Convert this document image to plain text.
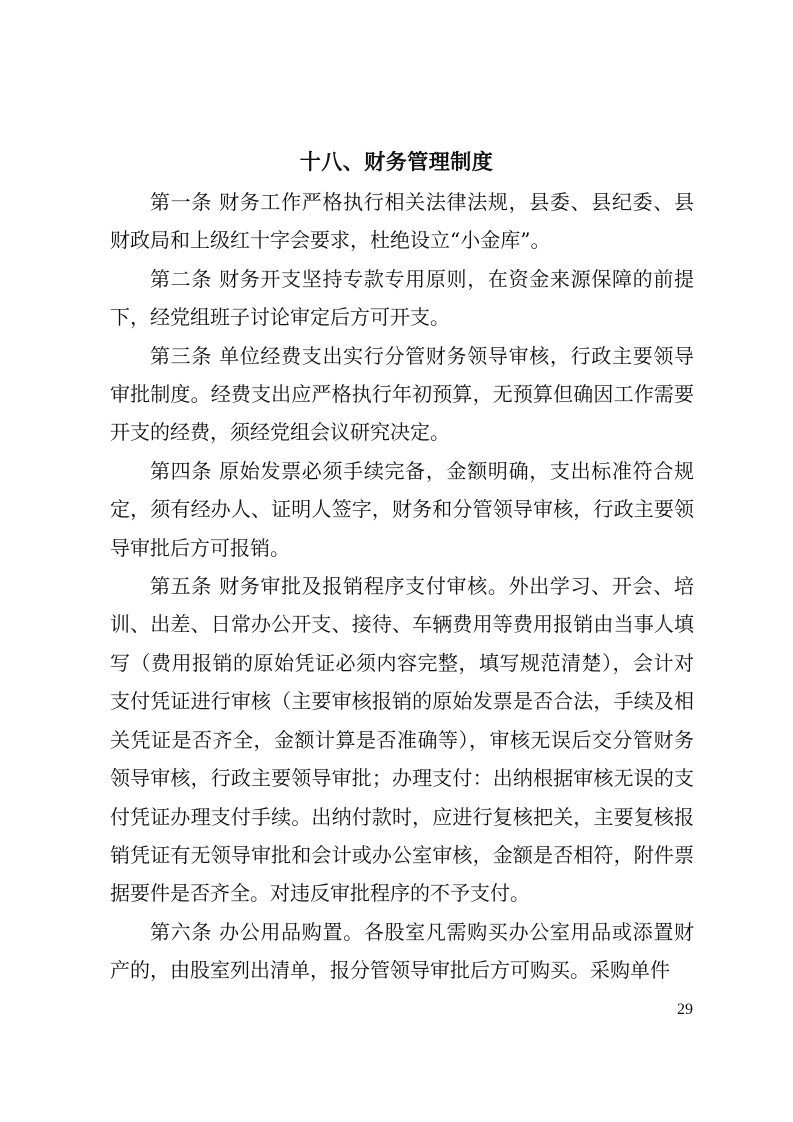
十八、财务管理制度

第一条 财务工作严格执行相关法律法规，县委、县纪委、县财政局和上级红十字会要求，杜绝设立“小金库”。

第二条 财务开支坚持专款专用原则，在资金来源保障的前提下，经党组班子讨论审定后方可开支。

第三条 单位经费支出实行分管财务领导审核，行政主要领导审批制度。经费支出应严格执行年初预算，无预算但确因工作需要开支的经费，须经党组会议研究决定。

第四条 原始发票必须手续完备，金额明确，支出标准符合规定，须有经办人、证明人签字，财务和分管领导审核，行政主要领导审批后方可报销。

第五条 财务审批及报销程序支付审核。外出学习、开会、培训、出差、日常办公开支、接待、车辆费用等费用报销由当事人填写（费用报销的原始凭证必须内容完整，填写规范清楚），会计对支付凭证进行审核（主要审核报销的原始发票是否合法，手续及相关凭证是否齐全，金额计算是否准确等），审核无误后交分管财务领导审核，行政主要领导审批；办理支付：出纳根据审核无误的支付凭证办理支付手续。出纳付款时，应进行复核把关，主要复核报销凭证有无领导审批和会计或办公室审核，金额是否相符，附件票据要件是否齐全。对违反审批程序的不予支付。

第六条 办公用品购置。各股室凡需购买办公室用品或添置财产的，由股室列出清单，报分管领导审批后方可购买。采购单件

29
